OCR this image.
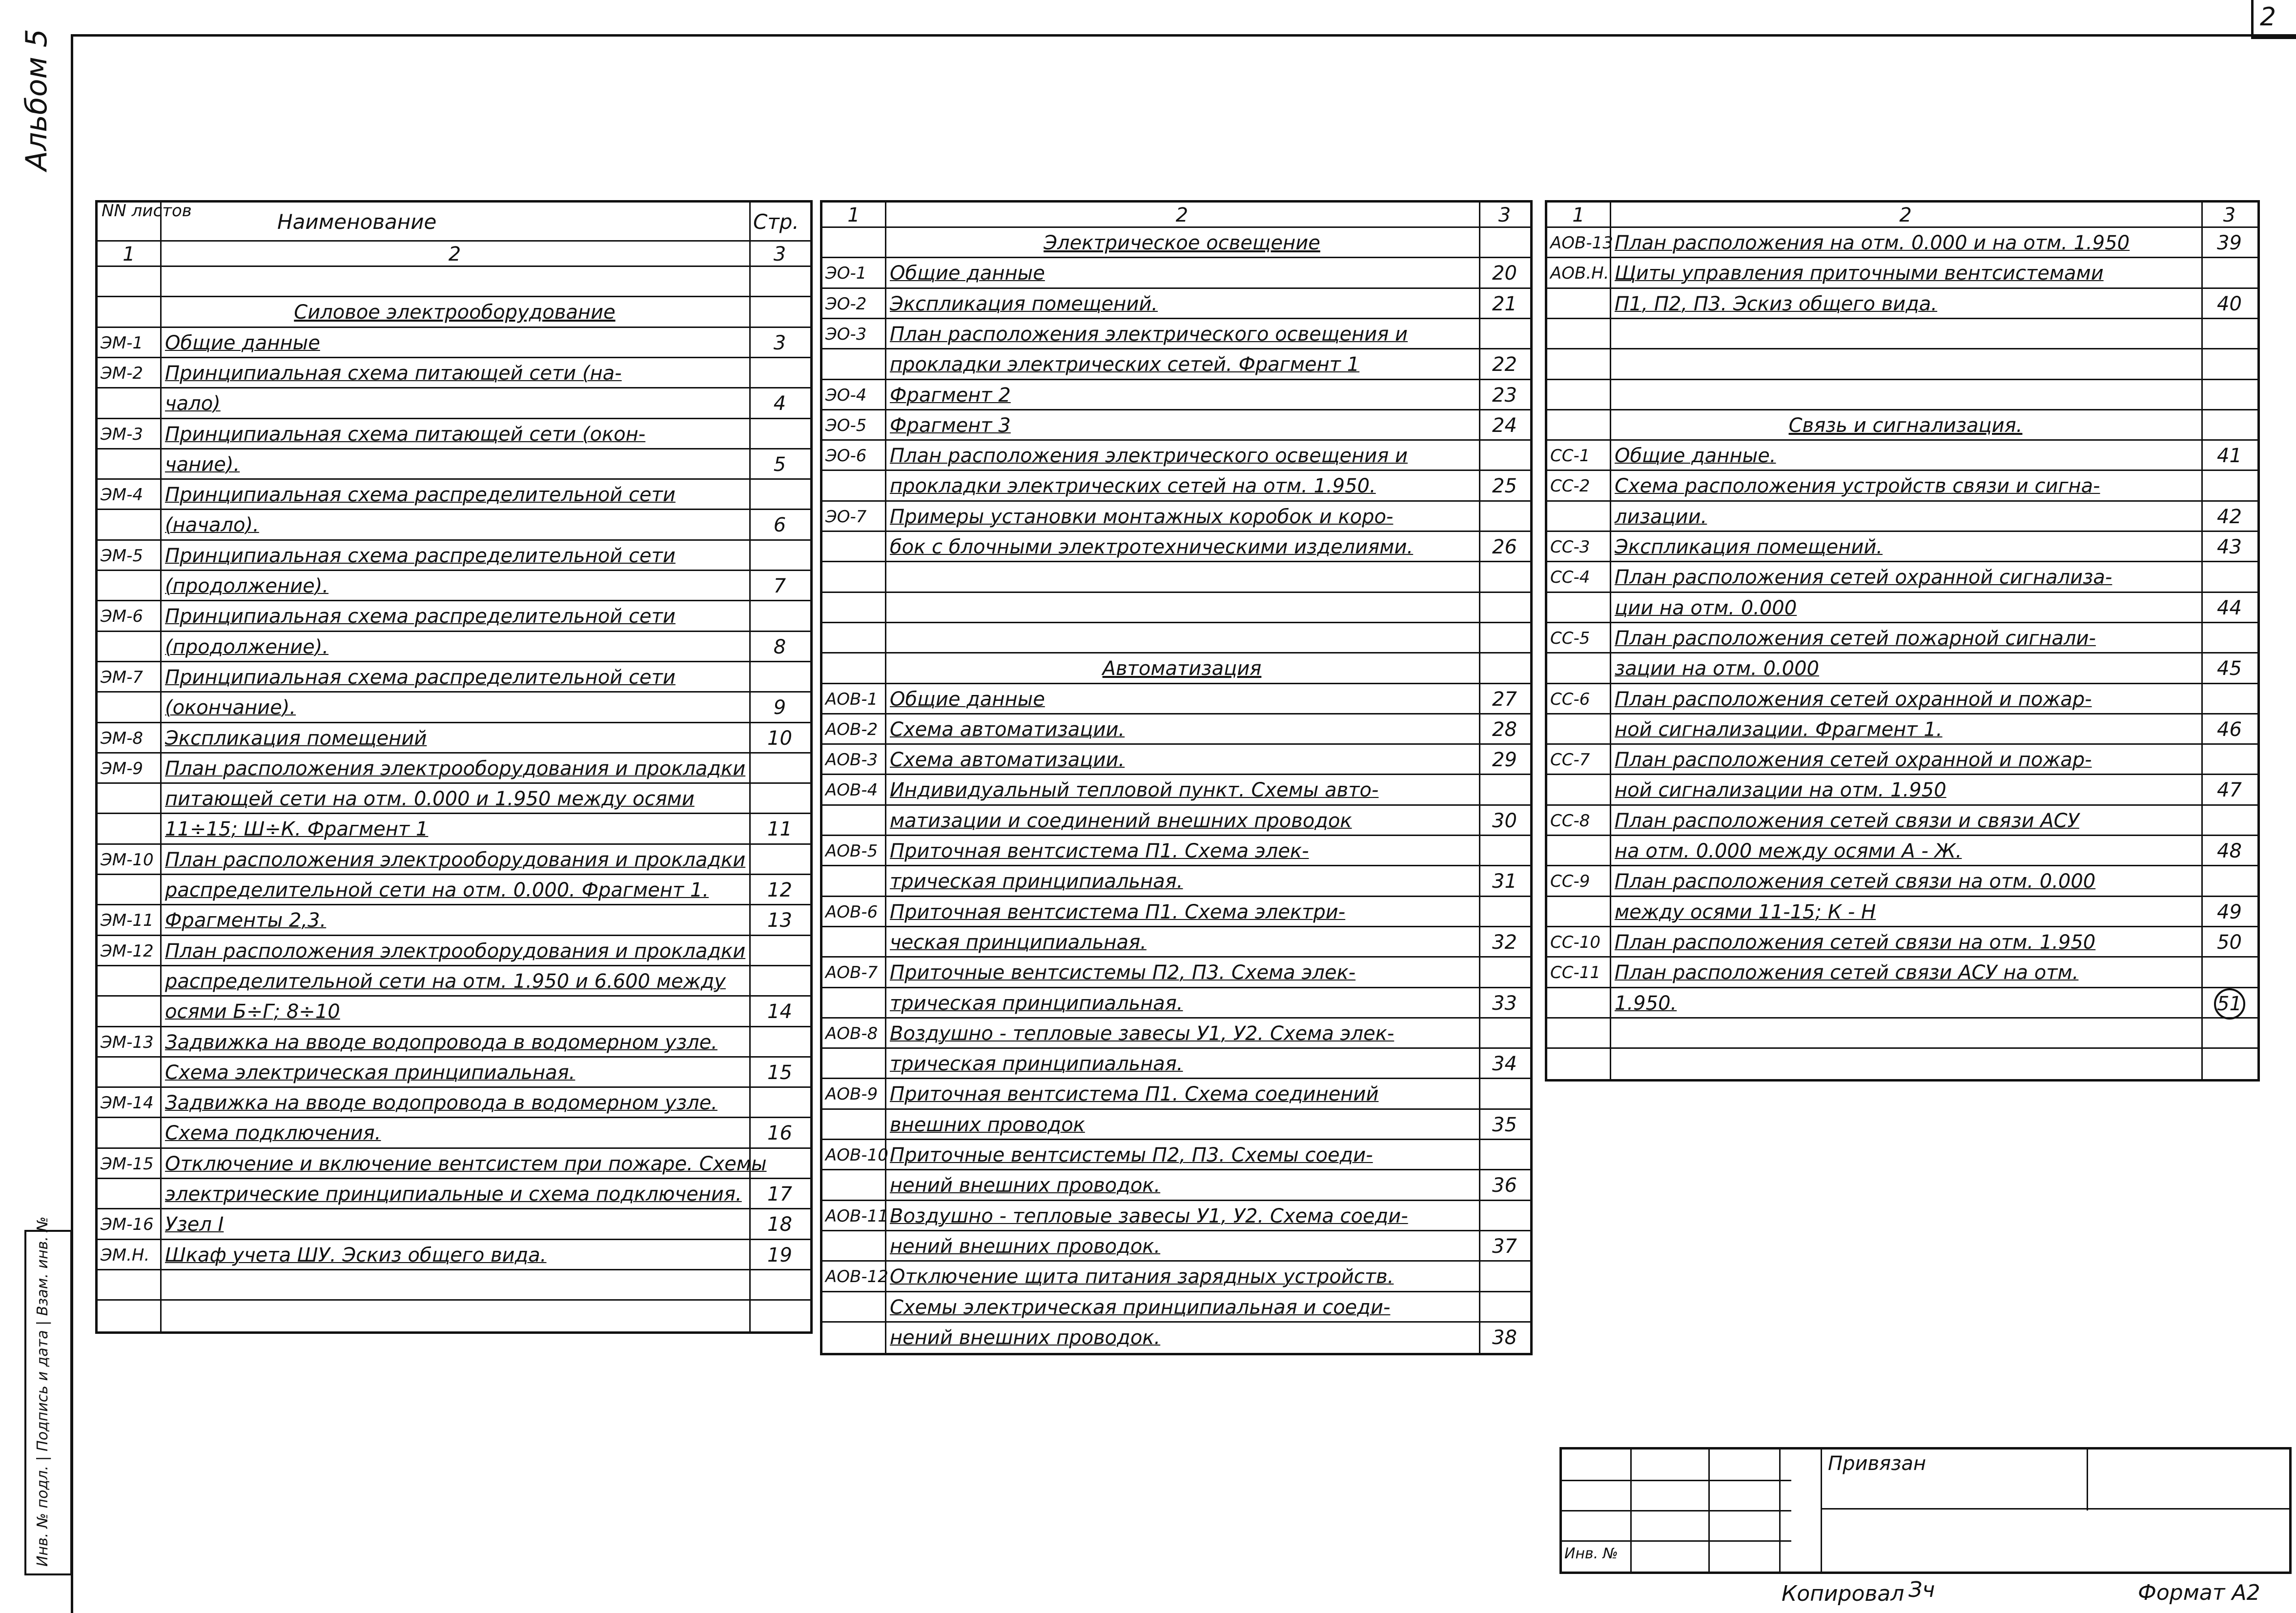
2
Альбом 5
Инв. № подл. | Подпись и дата | Взам. инв. №
NN листов	Наименование	Стр.
1	2	3
Силовое электрооборудование
ЭМ-1	Общие данные	3
ЭМ-2	Принципиальная схема питающей сети (на-
чало)	4
ЭМ-3	Принципиальная схема питающей сети (окон-
чание).	5
ЭМ-4	Принципиальная схема распределительной сети
(начало).	6
ЭМ-5	Принципиальная схема распределительной сети
(продолжение).	7
ЭМ-6	Принципиальная схема распределительной сети
(продолжение).	8
ЭМ-7	Принципиальная схема распределительной сети
(окончание).	9
ЭМ-8	Экспликация помещений	10
ЭМ-9	План расположения электрооборудования и прокладки
питающей сети на отм. 0.000 и 1.950 между осями
11÷15; Ш÷К. Фрагмент 1	11
ЭМ-10 План расположения электрооборудования и прокладки
распределительной сети на отм. 0.000. Фрагмент 1.	12
ЭМ-11 Фрагменты 2,3.	13
ЭМ-12 План расположения электрооборудования и прокладки
распределительной сети на отм. 1.950 и 6.600 между
осями Б÷Г; 8÷10	14
ЭМ-13 Задвижка на вводе водопровода в водомерном узле.
Схема электрическая принципиальная.	15
ЭМ-14 Задвижка на вводе водопровода в водомерном узле.
Схема подключения.	16
ЭМ-15 Отключение и включение вентсистем при пожаре. Схемы
электрические принципиальные и схема подключения.	17
ЭМ-16 Узел I	18
ЭМ.Н. Шкаф учета ШУ. Эскиз общего вида.	19
1	2	3
Электрическое освещение
ЭО-1	Общие данные	20
ЭО-2	Экспликация помещений.	21
ЭО-3	План расположения электрического освещения и
прокладки электрических сетей. Фрагмент 1	22
ЭО-4	Фрагмент 2	23
ЭО-5	Фрагмент 3	24
ЭО-6	План расположения электрического освещения и
прокладки электрических сетей на отм. 1.950.	25
ЭО-7	Примеры установки монтажных коробок и коро-
бок с блочными электротехническими изделиями.	26
Автоматизация
АОВ-1 Общие данные	27
АОВ-2 Схема автоматизации.	28
АОВ-3 Схема автоматизации.	29
АОВ-4 Индивидуальный тепловой пункт. Схемы авто-
матизации и соединений внешних проводок	30
АОВ-5 Приточная вентсистема П1. Схема элек-
трическая принципиальная.	31
АОВ-6 Приточная вентсистема П1. Схема электри-
ческая принципиальная.	32
АОВ-7 Приточные вентсистемы П2, П3. Схема элек-
трическая принципиальная.	33
АОВ-8 Воздушно - тепловые завесы У1, У2. Схема элек-
трическая принципиальная.	34
АОВ-9 Приточная вентсистема П1. Схема соединений
внешних проводок	35
АОВ-10 Приточные вентсистемы П2, П3. Схемы соеди-
нений внешних проводок.	36
АОВ-11 Воздушно - тепловые завесы У1, У2. Схема соеди-
нений внешних проводок.	37
АОВ-12 Отключение щита питания зарядных устройств.
Схемы электрическая принципиальная и соеди-
нений внешних проводок.	38
1	2	3
АОВ-13 План расположения на отм. 0.000 и на отм. 1.950	39
АОВ.Н. Щиты управления приточными вентсистемами
П1, П2, П3. Эскиз общего вида.	40
Связь и сигнализация.
СС-1	Общие данные.	41
СС-2	Схема расположения устройств связи и сигна-
лизации.	42
СС-3	Экспликация помещений.	43
СС-4	План расположения сетей охранной сигнализа-
ции на отм. 0.000	44
СС-5	План расположения сетей пожарной сигнали-
зации на отм. 0.000	45
СС-6	План расположения сетей охранной и пожар-
ной сигнализации. Фрагмент 1.	46
СС-7	План расположения сетей охранной и пожар-
ной сигнализации на отм. 1.950	47
СС-8	План расположения сетей связи и связи АСУ
на отм. 0.000 между осями А - Ж.	48
СС-9	План расположения сетей связи на отм. 0.000
между осями 11-15; К - Н	49
СС-10 План расположения сетей связи на отм. 1.950	50
СС-11 План расположения сетей связи АСУ на отм.
1.950.	51
Привязан
Инв. №
Копировал Зч	Формат А2
